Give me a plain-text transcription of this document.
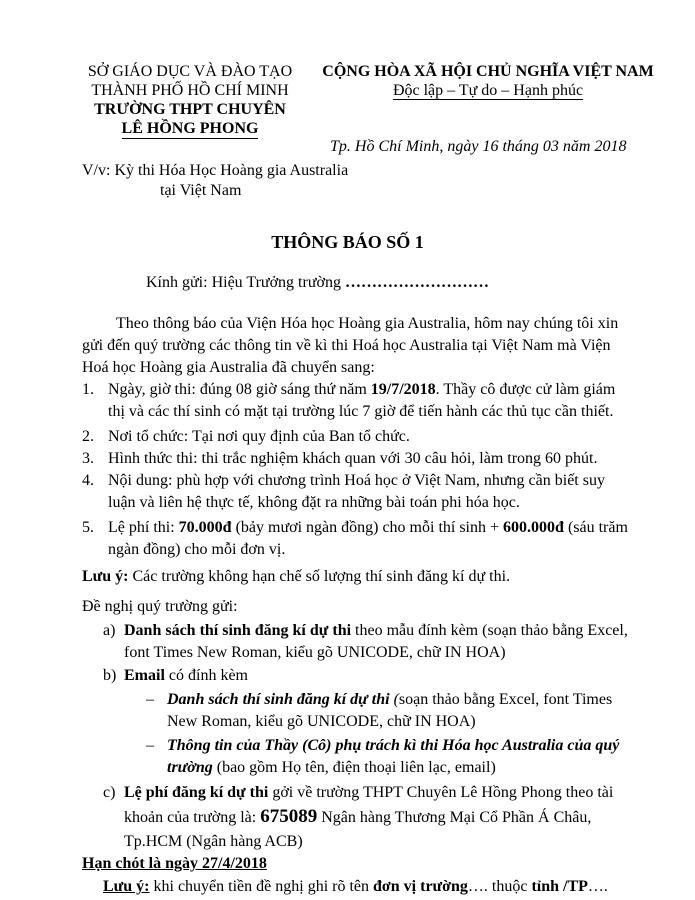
SỞ GIÁO DỤC VÀ ĐÀO TẠO
THÀNH PHỐ HỒ CHÍ MINH
TRƯỜNG THPT CHUYÊN
LÊ HỒNG PHONG
CỘNG HÒA XÃ HỘI CHỦ NGHĨA VIỆT NAM
Độc lập – Tự do – Hạnh phúc
Tp. Hồ Chí Minh, ngày 16 tháng 03 năm 2018
V/v: Kỳ thi Hóa Học Hoàng gia Australia
tại Việt Nam
THÔNG BÁO SỐ 1
Kính gửi: Hiệu Trưởng trường ………………………
Theo thông báo của Viện Hóa học Hoàng gia Australia, hôm nay chúng tôi xin
gửi đến quý trường các thông tin về kì thi Hoá học Australia tại Việt Nam mà Viện
Hoá học Hoàng gia Australia đã chuyển sang:
1. Ngày, giờ thi: đúng 08 giờ sáng thứ năm 19/7/2018. Thầy cô được cử làm giám
thị và các thí sinh có mặt tại trường lúc 7 giờ để tiến hành các thủ tục cần thiết.
2. Nơi tổ chức: Tại nơi quy định của Ban tổ chức.
3. Hình thức thi: thi trắc nghiệm khách quan với 30 câu hỏi, làm trong 60 phút.
4. Nội dung: phù hợp với chương trình Hoá học ở Việt Nam, nhưng cần biết suy
luận và liên hệ thực tế, không đặt ra những bài toán phi hóa học.
5. Lệ phí thi: 70.000đ (bảy mươi ngàn đồng) cho mỗi thí sinh + 600.000đ (sáu trăm
ngàn đồng) cho mỗi đơn vị.
Lưu ý: Các trường không hạn chế số lượng thí sinh đăng kí dự thi.
Đề nghị quý trường gửi:
a) Danh sách thí sinh đăng kí dự thi theo mẫu đính kèm (soạn thảo bằng Excel,
font Times New Roman, kiểu gõ UNICODE, chữ IN HOA)
b) Email có đính kèm
– Danh sách thí sinh đăng kí dự thi (soạn thảo bằng Excel, font Times
New Roman, kiểu gõ UNICODE, chữ IN HOA)
– Thông tin của Thầy (Cô) phụ trách kì thi Hóa học Australia của quý
trường (bao gồm Họ tên, điện thoại liên lạc, email)
c) Lệ phí đăng kí dự thi gởi về trường THPT Chuyên Lê Hồng Phong theo tài
khoản của trường là: 675089 Ngân hàng Thương Mại Cổ Phần Á Châu,
Tp.HCM (Ngân hàng ACB)
Hạn chót là ngày 27/4/2018
Lưu ý: khi chuyển tiền đề nghị ghi rõ tên đơn vị trường…. thuộc tỉnh /TP….
